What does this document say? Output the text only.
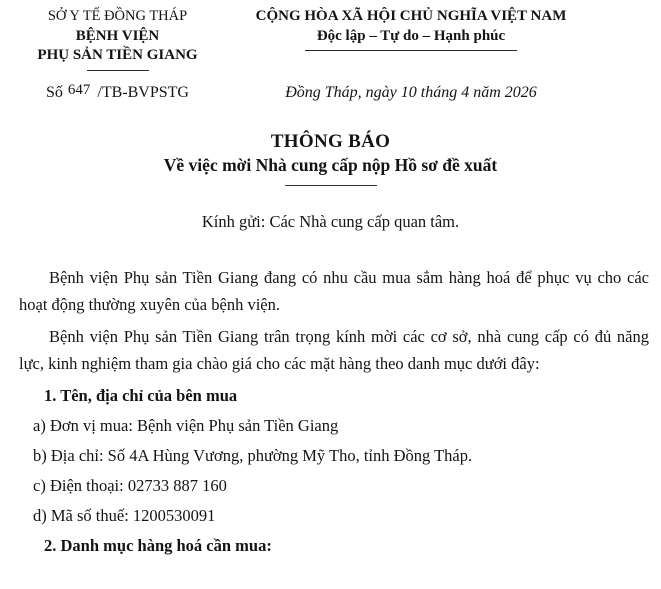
SỞ Y TẾ ĐỒNG THÁP
BỆNH VIỆN
PHỤ SẢN TIỀN GIANG
CỘNG HÒA XÃ HỘI CHỦ NGHĨA VIỆT NAM
Độc lập – Tự do – Hạnh phúc
Số 647 /TB-BVPSTG	Đồng Tháp, ngày 10 tháng 4 năm 2026
THÔNG BÁO
Về việc mời Nhà cung cấp nộp Hồ sơ đề xuất
Kính gửi: Các Nhà cung cấp quan tâm.

Bệnh viện Phụ sản Tiền Giang đang có nhu cầu mua sắm hàng hoá để phục vụ cho các hoạt động thường xuyên của bệnh viện.

Bệnh viện Phụ sản Tiền Giang trân trọng kính mời các cơ sở, nhà cung cấp có đủ năng lực, kinh nghiệm tham gia chào giá cho các mặt hàng theo danh mục dưới đây:

1. Tên, địa chỉ của bên mua
a) Đơn vị mua: Bệnh viện Phụ sản Tiền Giang
b) Địa chỉ: Số 4A Hùng Vương, phường Mỹ Tho, tỉnh Đồng Tháp.
c) Điện thoại: 02733 887 160
d) Mã số thuế: 1200530091
2. Danh mục hàng hoá cần mua:
